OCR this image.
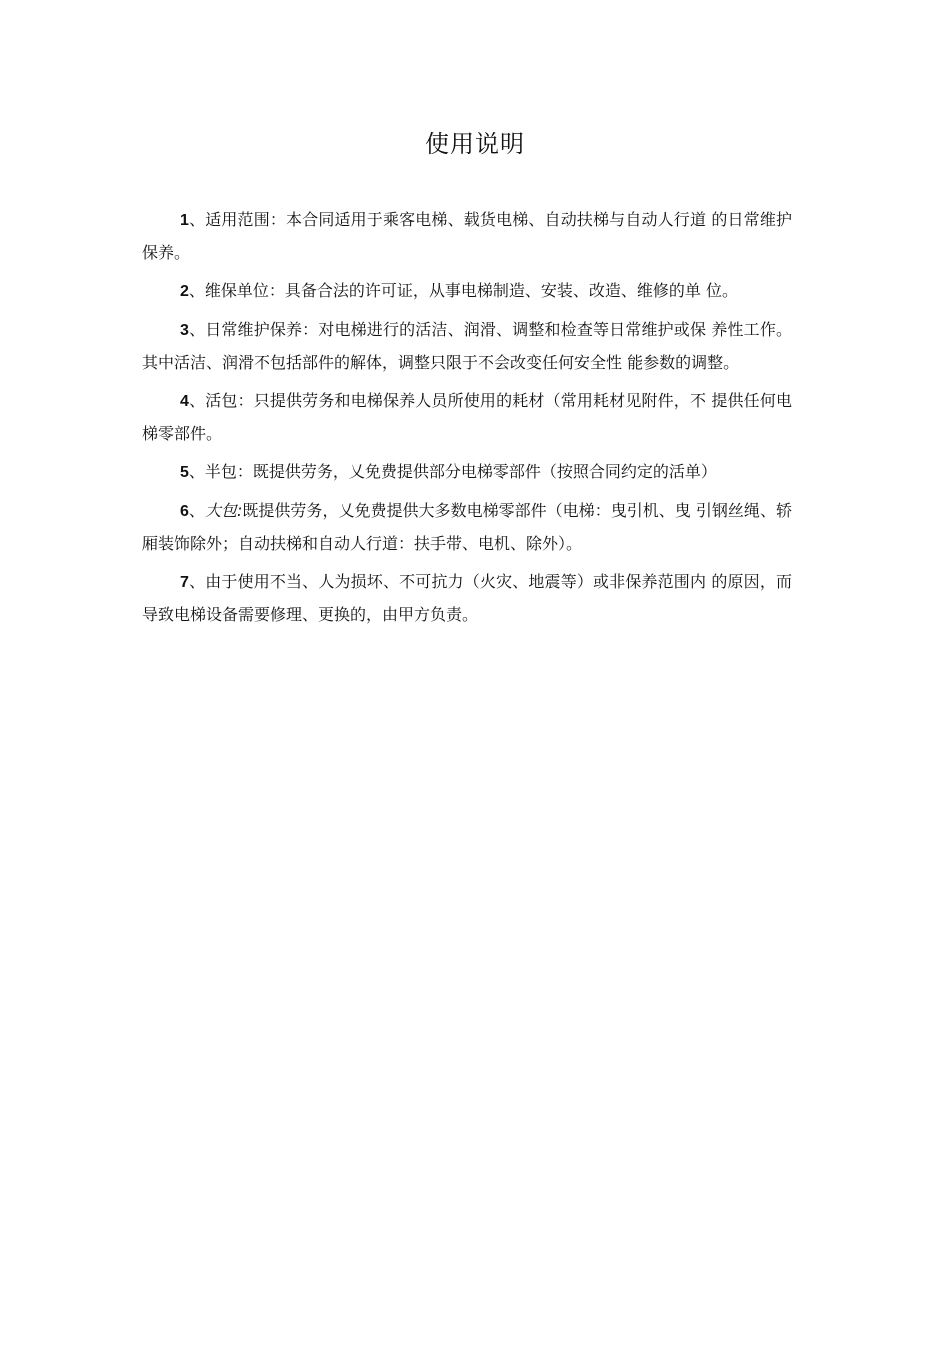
使用说明

1、适用范围：本合同适用于乘客电梯、载货电梯、自动扶梯与自动人行道 的日常维护保养。

2、维保单位：具备合法的许可证，从事电梯制造、安装、改造、维修的单 位。

3、日常维护保养：对电梯进行的活洁、润滑、调整和检查等日常维护或保 养性工作。其中活洁、润滑不包括部件的解体，调整只限于不会改变任何安全性 能参数的调整。

4、活包：只提供劳务和电梯保养人员所使用的耗材（常用耗材见附件，不 提供任何电梯零部件。

5、半包：既提供劳务，乂免费提供部分电梯零部件（按照合同约定的活单）

6、大包:既提供劳务，乂免费提供大多数电梯零部件（电梯：曳引机、曳 引钢丝绳、轿厢装饰除外；自动扶梯和自动人行道：扶手带、电机、除外）。

7、由于使用不当、人为损坏、不可抗力（火灾、地震等）或非保养范围内 的原因，而导致电梯设备需要修理、更换的，由甲方负责。
